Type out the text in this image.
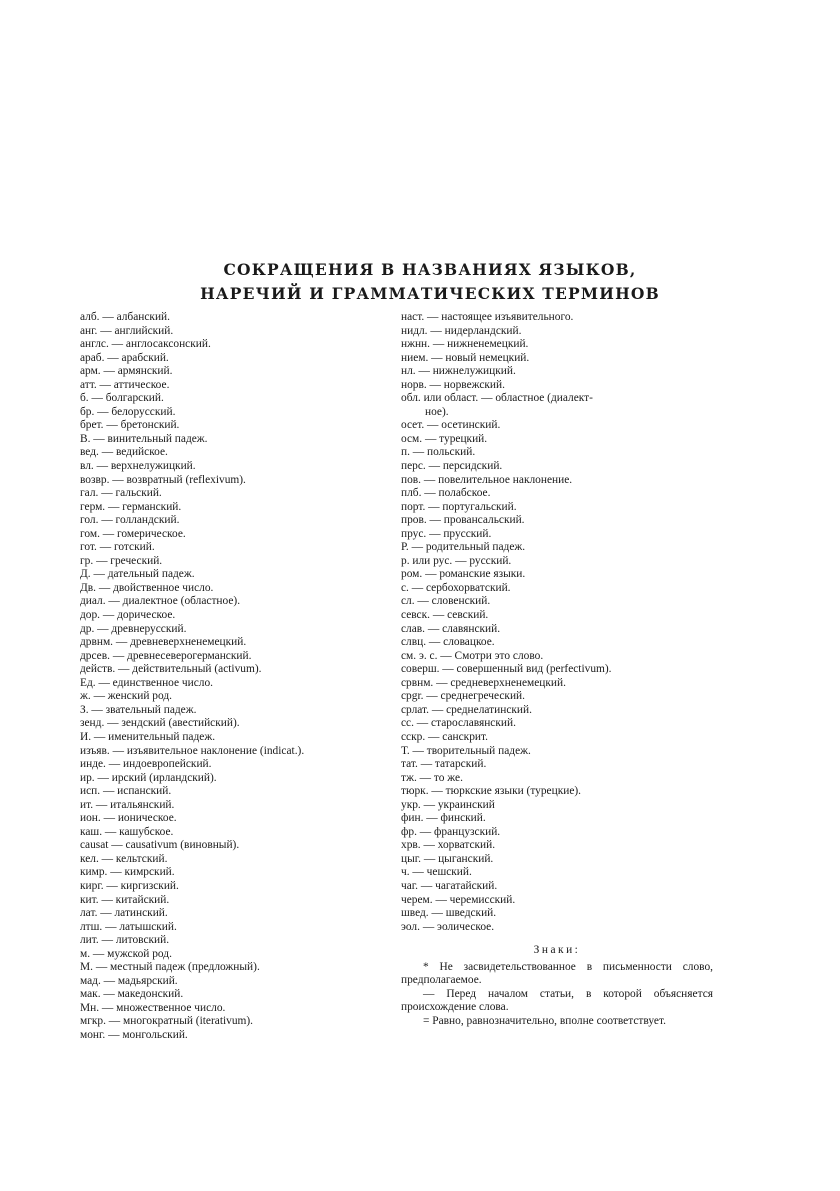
СОКРАЩЕНИЯ В НАЗВАНИЯХ ЯЗЫКОВ,
НАРЕЧИЙ И ГРАММАТИЧЕСКИХ ТЕРМИНОВ
алб. — албанский.
анг. — английский.
англс. — англосаксонский.
араб. — арабский.
арм. — армянский.
атт. — аттическое.
б. — болгарский.
бр. — белорусский.
брет. — бретонский.
В. — винительный падеж.
вед. — ведийское.
вл. — верхнелужицкий.
возвр. — возвратный (reflexivum).
гал. — гальский.
герм. — германский.
гол. — голландский.
гом. — гомерическое.
гот. — готский.
гр. — греческий.
Д. — дательный падеж.
Дв. — двойственное число.
диал. — диалектное (областное).
дор. — дорическое.
др. — древнерусский.
дрвнм. — древневерхненемецкий.
дрсев. — древнесеверогерманский.
действ. — действительный (activum).
Ед. — единственное число.
ж. — женский род.
З. — звательный падеж.
зенд. — зендский (авестийский).
И. — именительный падеж.
изъяв. — изъявительное наклонение (indicat.).
инде. — индоевропейский.
ир. — ирский (ирландский).
исп. — испанский.
ит. — итальянский.
ион. — ионическое.
каш. — кашубское.
causat — causativum (виновный).
кел. — кельтский.
кимр. — кимрский.
кирг. — киргизский.
кит. — китайский.
лат. — латинский.
лтш. — латышский.
лит. — литовский.
м. — мужской род.
М. — местный падеж (предложный).
мад. — мадьярский.
мак. — македонский.
Мн. — множественное число.
мгкр. — многократный (iterativum).
монг. — монгольский.
наст. — настоящее изъявительного.
нидл. — нидерландский.
нжнн. — нижненемецкий.
нием. — новый немецкий.
нл. — нижнелужицкий.
норв. — норвежский.
обл. или област. — областное (диалект-
ное).
осет. — осетинский.
осм. — турецкий.
п. — польский.
перс. — персидский.
пов. — повелительное наклонение.
плб. — полабское.
порт. — португальский.
пров. — провансальский.
прус. — прусский.
Р. — родительный падеж.
р. или рус. — русский.
ром. — романские языки.
с. — сербохорватский.
сл. — словенский.
севск. — севский.
слав. — славянский.
слвц. — словацкое.
см. э. с. — Смотри это слово.
соверш. — совершенный вид (perfectivum).
срвнм. — средневерхненемецкий.
срgr. — среднегреческий.
срлат. — среднелатинский.
сс. — старославянский.
сскр. — санскрит.
Т. — творительный падеж.
тат. — татарский.
тж. — то же.
тюрк. — тюркские языки (турецкие).
укр. — украинский
фин. — финский.
фр. — французский.
хрв. — хорватский.
цыг. — цыганский.
ч. — чешский.
чаг. — чагатайский.
черем. — черемисский.
швед. — шведский.
эол. — эолическое.
Знаки:
* Не засвидетельствованное в письменности слово, предполагаемое.
— Перед началом статьи, в которой объясняется происхождение слова.
= Равно, равнозначительно, вполне соответствует.
